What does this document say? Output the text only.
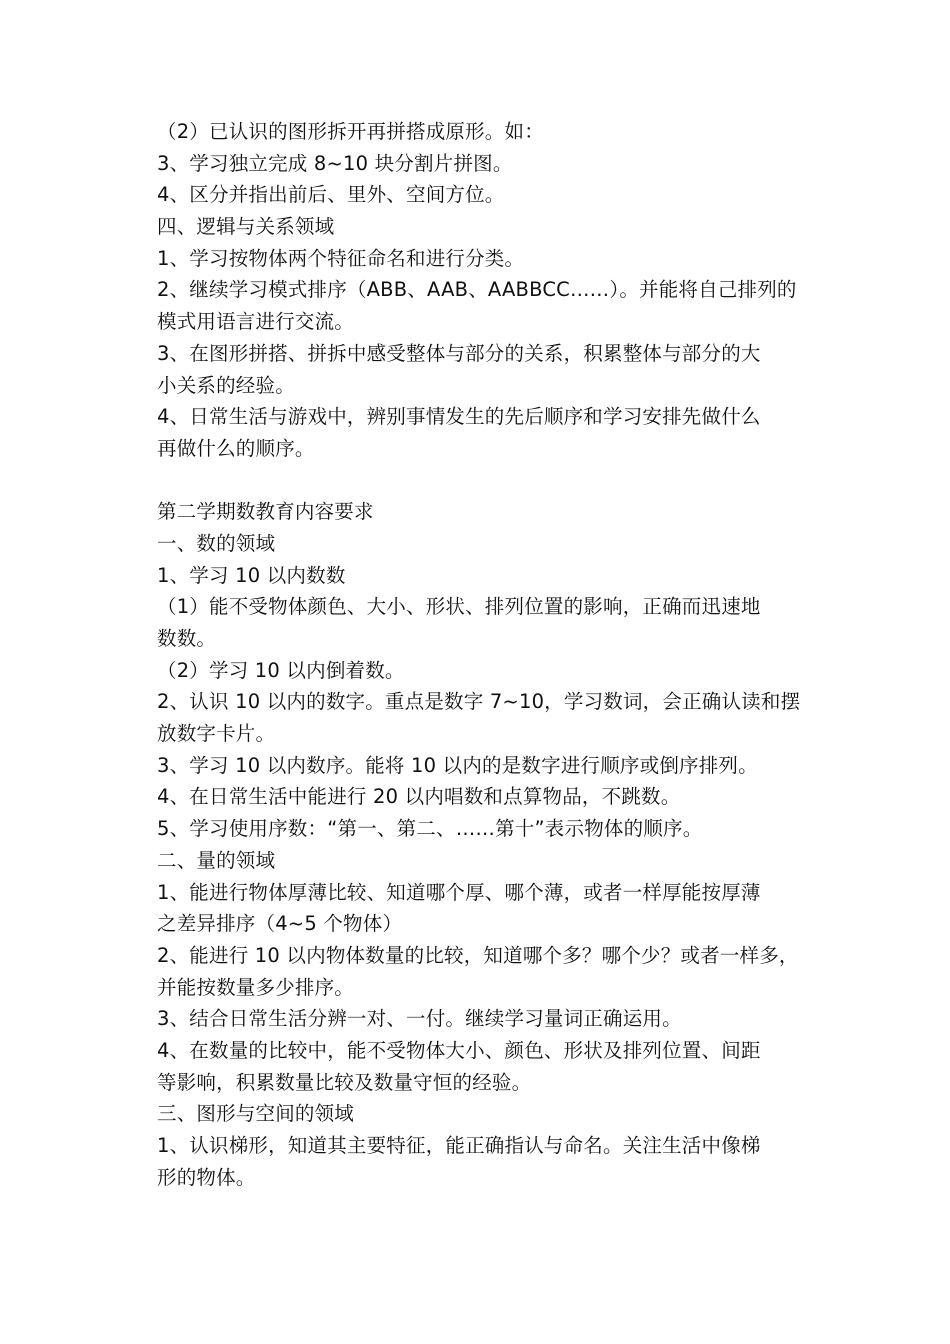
（2）已认识的图形拆开再拼搭成原形。如：
3、学习独立完成 8~10 块分割片拼图。
4、区分并指出前后、里外、空间方位。
四、逻辑与关系领域
1、学习按物体两个特征命名和进行分类。
2、继续学习模式排序（ABB、AAB、AABBCC……）。并能将自己排列的
模式用语言进行交流。
3、在图形拼搭、拼拆中感受整体与部分的关系，积累整体与部分的大
小关系的经验。
4、日常生活与游戏中，辨别事情发生的先后顺序和学习安排先做什么
再做什么的顺序。
第二学期数教育内容要求
一、数的领域
1、学习 10 以内数数
（1）能不受物体颜色、大小、形状、排列位置的影响，正确而迅速地
数数。
（2）学习 10 以内倒着数。
2、认识 10 以内的数字。重点是数字 7~10，学习数词，会正确认读和摆
放数字卡片。
3、学习 10 以内数序。能将 10 以内的是数字进行顺序或倒序排列。
4、在日常生活中能进行 20 以内唱数和点算物品，不跳数。
5、学习使用序数：“第一、第二、……第十”表示物体的顺序。
二、量的领域
1、能进行物体厚薄比较、知道哪个厚、哪个薄，或者一样厚能按厚薄
之差异排序（4~5 个物体）
2、能进行 10 以内物体数量的比较，知道哪个多？哪个少？或者一样多，
并能按数量多少排序。
3、结合日常生活分辨一对、一付。继续学习量词正确运用。
4、在数量的比较中，能不受物体大小、颜色、形状及排列位置、间距
等影响，积累数量比较及数量守恒的经验。
三、图形与空间的领域
1、认识梯形，知道其主要特征，能正确指认与命名。关注生活中像梯
形的物体。
